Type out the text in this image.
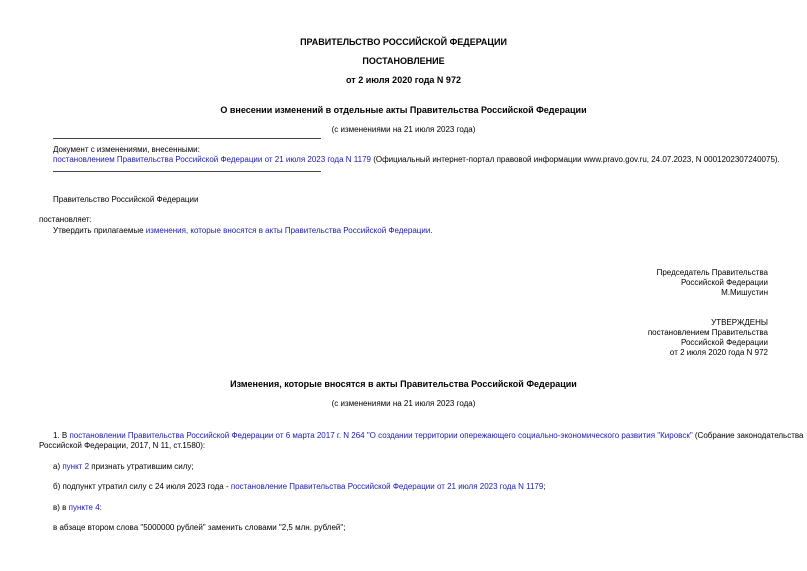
ПРАВИТЕЛЬСТВО РОССИЙСКОЙ ФЕДЕРАЦИИ
ПОСТАНОВЛЕНИЕ
от 2 июля 2020 года N 972
О внесении изменений в отдельные акты Правительства Российской Федерации
(с изменениями на 21 июля 2023 года)
Документ с изменениями, внесенными:
постановлением Правительства Российской Федерации от 21 июля 2023 года N 1179 (Официальный интернет-портал правовой информации www.pravo.gov.ru, 24.07.2023, N 0001202307240075).
Правительство Российской Федерации
постановляет:
Утвердить прилагаемые изменения, которые вносятся в акты Правительства Российской Федерации.
Председатель Правительства
Российской Федерации
М.Мишустин
УТВЕРЖДЕНЫ
постановлением Правительства
Российской Федерации
от 2 июля 2020 года N 972
Изменения, которые вносятся в акты Правительства Российской Федерации
(с изменениями на 21 июля 2023 года)
1. В постановлении Правительства Российской Федерации от 6 марта 2017 г. N 264 "О создании территории опережающего социально-экономического развития "Кировск" (Собрание законодательства
Российской Федерации, 2017, N 11, ст.1580):
а) пункт 2 признать утратившим силу;
б) подпункт утратил силу с 24 июля 2023 года - постановление Правительства Российской Федерации от 21 июля 2023 года N 1179;
в) в пункте 4:
в абзаце втором слова "5000000 рублей" заменить словами "2,5 млн. рублей";
